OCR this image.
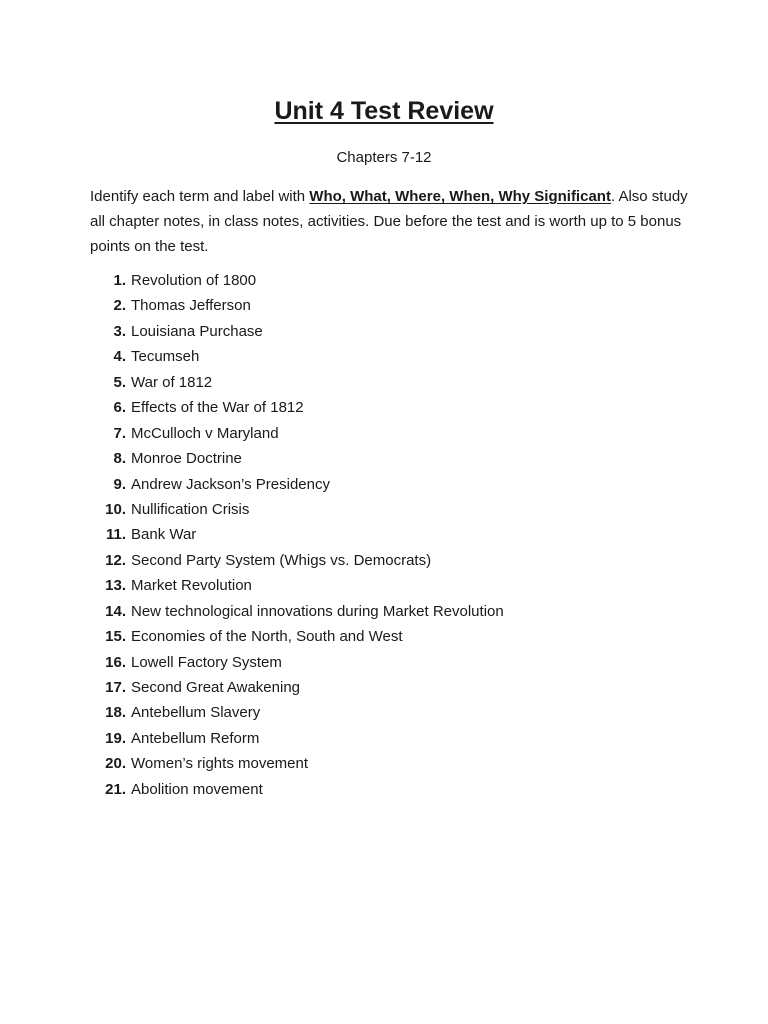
Unit 4 Test Review

Chapters 7-12

Identify each term and label with Who, What, Where, When, Why Significant. Also study all chapter notes, in class notes, activities. Due before the test and is worth up to 5 bonus points on the test.

1. Revolution of 1800
2. Thomas Jefferson
3. Louisiana Purchase
4. Tecumseh
5. War of 1812
6. Effects of the War of 1812
7. McCulloch v Maryland
8. Monroe Doctrine
9. Andrew Jackson’s Presidency
10. Nullification Crisis
11. Bank War
12. Second Party System (Whigs vs. Democrats)
13. Market Revolution
14. New technological innovations during Market Revolution
15. Economies of the North, South and West
16. Lowell Factory System
17. Second Great Awakening
18. Antebellum Slavery
19. Antebellum Reform
20. Women’s rights movement
21. Abolition movement
